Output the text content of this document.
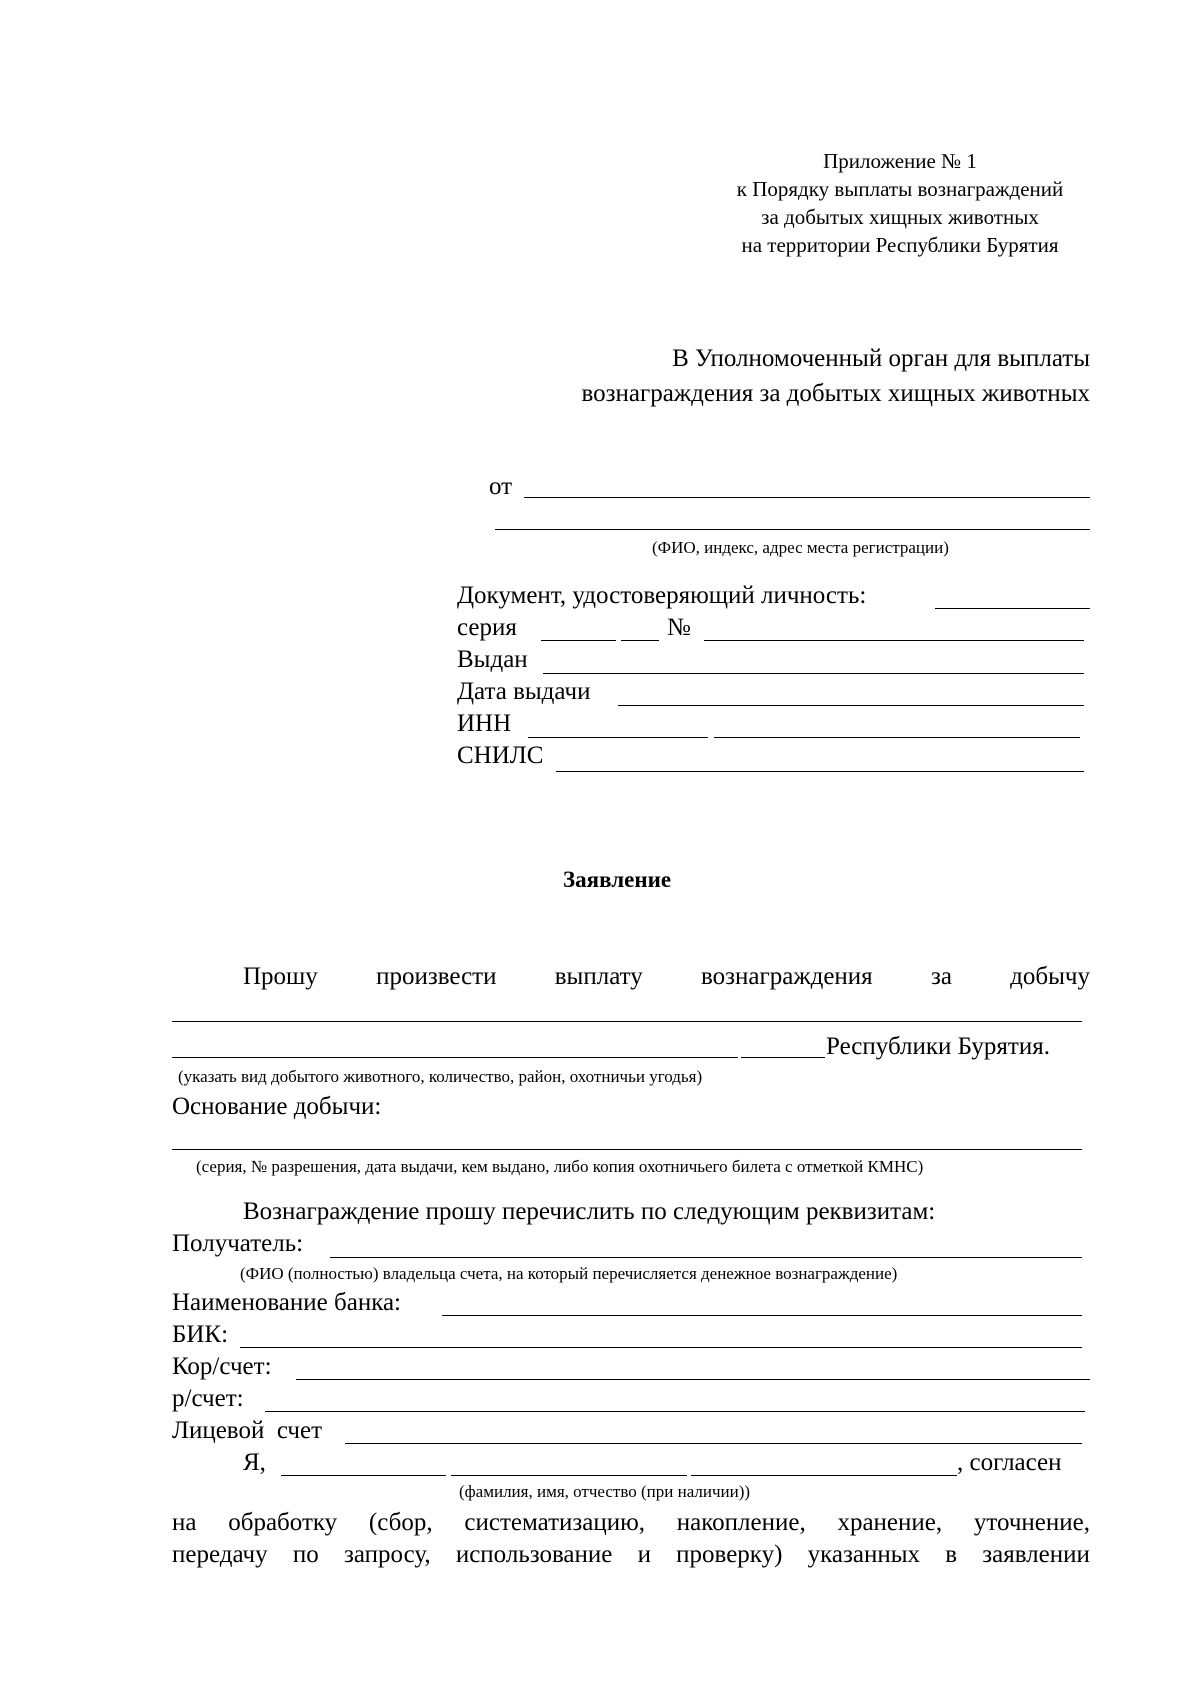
Приложение № 1
к Порядку выплаты вознаграждений
за добытых хищных животных
на территории Республики Бурятия
В Уполномоченный орган для выплаты
вознаграждения за добытых хищных животных
от
(ФИО, индекс, адрес места регистрации)
Документ, удостоверяющий личность:
серия	№
Выдан
Дата выдачи
ИНН
СНИЛС
Заявление
Прошу произвести выплату вознаграждения за добычу
Республики Бурятия.
(указать вид добытого животного, количество, район, охотничьи угодья)
Основание добычи:
(серия, № разрешения, дата выдачи, кем выдано, либо копия охотничьего билета с отметкой КМНС)
Вознаграждение прошу перечислить по следующим реквизитам:
Получатель:
(ФИО (полностью) владельца счета, на который перечисляется денежное вознаграждение)
Наименование банка:
БИК:
Кор/счет:
р/счет:
Лицевой  счет
Я,	, согласен
(фамилия, имя, отчество (при наличии))
на обработку (сбор, систематизацию, накопление, хранение, уточнение,
передачу по запросу, использование и проверку) указанных в заявлении
